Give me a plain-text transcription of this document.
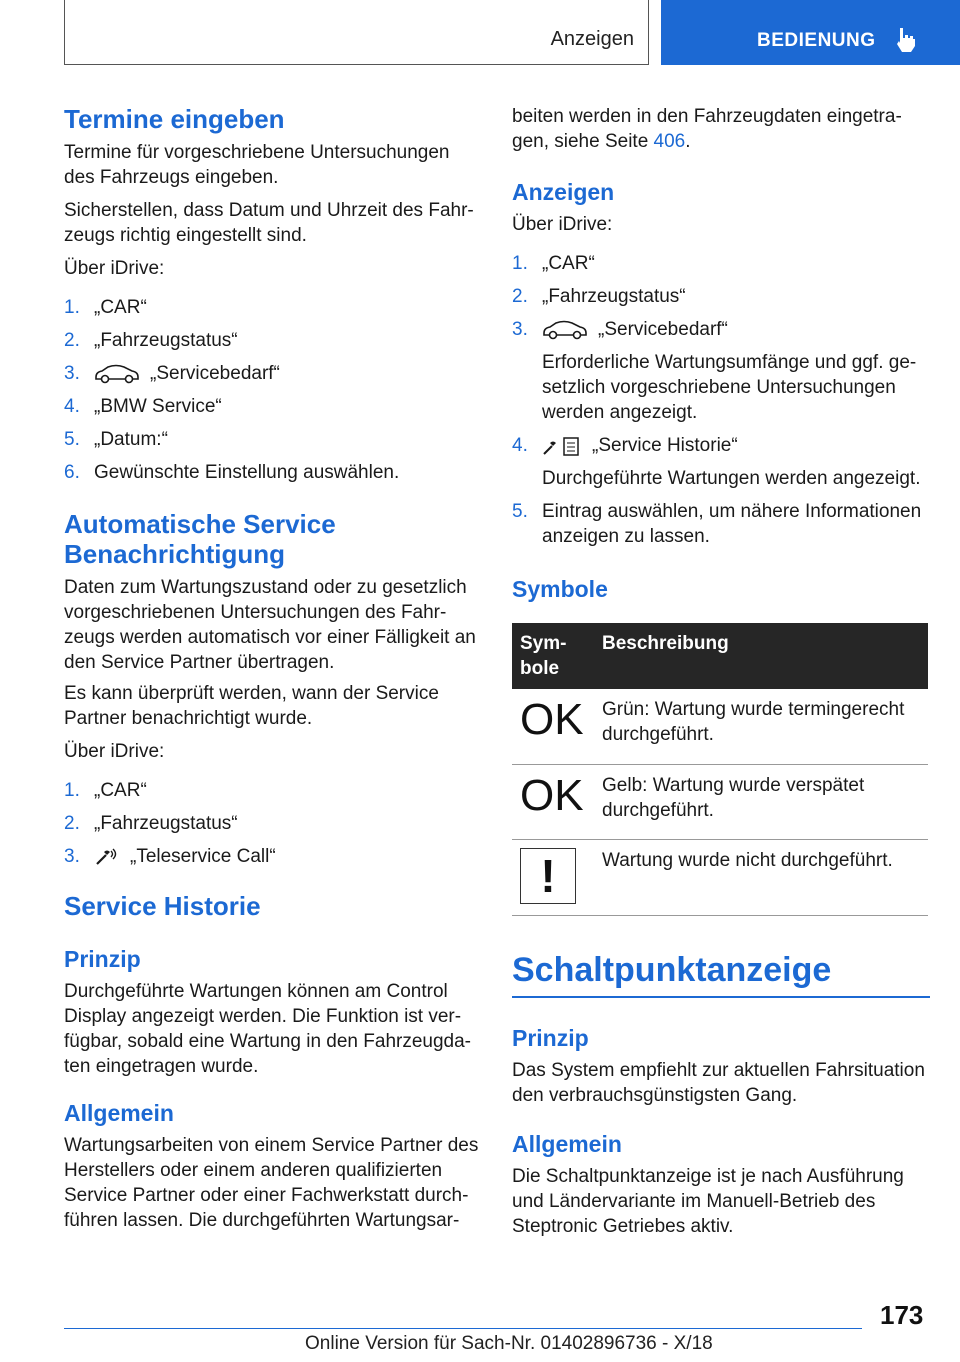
Anzeigen	BEDIENUNG
Termine eingeben

Termine für vorgeschriebene Untersuchungen des Fahrzeugs eingeben.

Sicherstellen, dass Datum und Uhrzeit des Fahr‐zeugs richtig eingestellt sind.

Über iDrive:

1. „CAR“
2. „Fahrzeugstatus“
3.	„Servicebedarf“
4. „BMW Service“
5. „Datum:“
6. Gewünschte Einstellung auswählen.
Automatische Service Benachrichtigung

Daten zum Wartungszustand oder zu gesetzlich vorgeschriebenen Untersuchungen des Fahr‐zeugs werden automatisch vor einer Fälligkeit an den Service Partner übertragen.

Es kann überprüft werden, wann der Service Partner benachrichtigt wurde.

Über iDrive:

1. „CAR“
2. „Fahrzeugstatus“
3.	„Teleservice Call“
Service Historie
Prinzip

Durchgeführte Wartungen können am Control Display angezeigt werden. Die Funktion ist ver‐fügbar, sobald eine Wartung in den Fahrzeugda‐ten eingetragen wurde.

Allgemein

Wartungsarbeiten von einem Service Partner des Herstellers oder einem anderen qualifizierten Service Partner oder einer Fachwerkstatt durch‐führen lassen. Die durchgeführten Wartungsar‐

beiten werden in den Fahrzeugdaten eingetra‐gen, siehe Seite 406.

Anzeigen

Über iDrive:

1. „CAR“
2. „Fahrzeugstatus“
3.	„Servicebedarf“
Erforderliche Wartungsumfänge und ggf. ge‐setzlich vorgeschriebene Untersuchungen werden angezeigt.
4.	„Service Historie“
Durchgeführte Wartungen werden angezeigt.
5. Eintrag auswählen, um nähere Informationen anzeigen zu lassen.
Symbole
Sym‐bole	Beschreibung
OK	Grün: Wartung wurde termingerecht durchgeführt.
OK	Gelb: Wartung wurde verspätet durchgeführt.

!	Wartung wurde nicht durchgeführt.
Schaltpunktanzeige
Prinzip

Das System empfiehlt zur aktuellen Fahrsituation den verbrauchsgünstigsten Gang.

Allgemein

Die Schaltpunktanzeige ist je nach Ausführung und Ländervariante im Manuell-Betrieb des Steptronic Getriebes aktiv.

173
Online Version für Sach-Nr. 01402896736 - X/18
